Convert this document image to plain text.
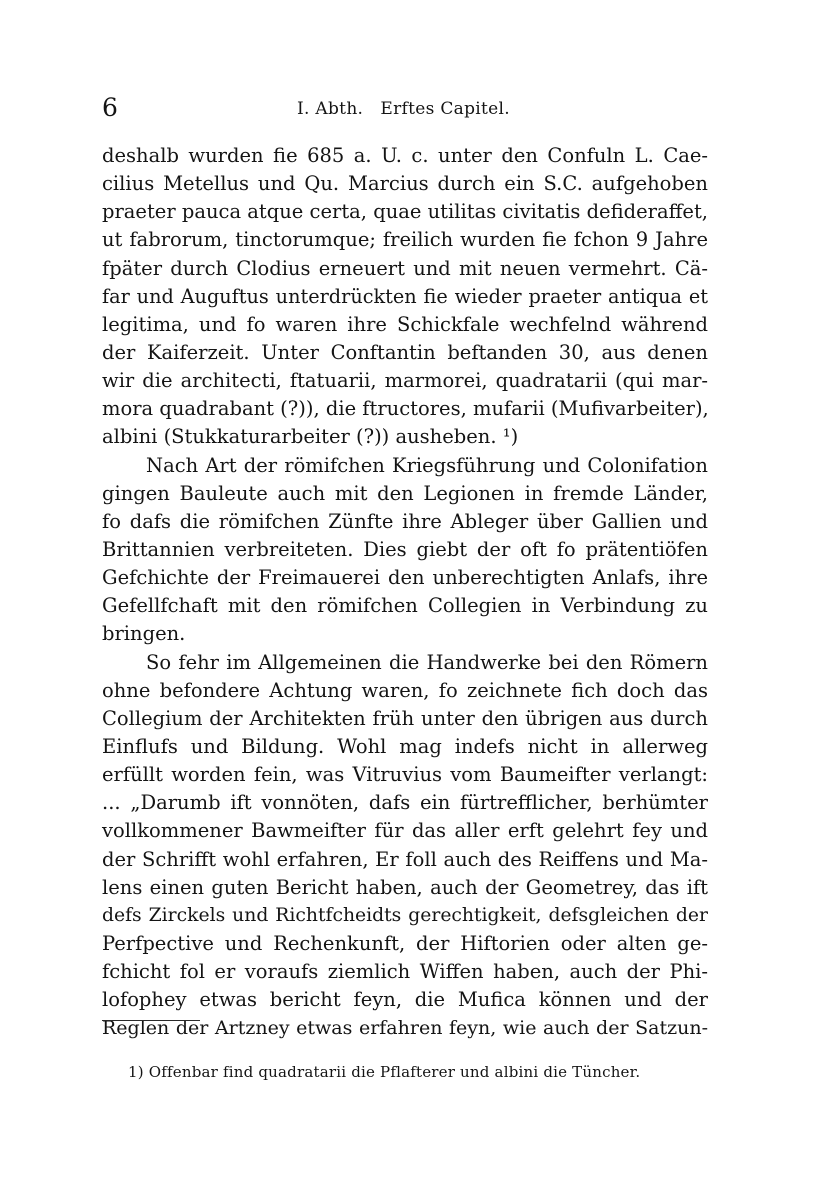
6	I. Abth.   Erftes Capitel.
deshalb wurden fie 685 a. U. c. unter den Confuln L. Cae-
cilius Metellus und Qu. Marcius durch ein S.C. aufgehoben
praeter pauca atque certa, quae utilitas civitatis defideraffet,
ut fabrorum, tinctorumque; freilich wurden fie fchon 9 Jahre
fpäter durch Clodius erneuert und mit neuen vermehrt. Cä-
far und Auguftus unterdrückten fie wieder praeter antiqua et
legitima, und fo waren ihre Schickfale wechfelnd während
der Kaiferzeit. Unter Conftantin beftanden 30, aus denen
wir die architecti, ftatuarii, marmorei, quadratarii (qui mar-
mora quadrabant (?)), die ftructores, mufarii (Mufivarbeiter),
albini (Stukkaturarbeiter (?)) ausheben. ¹)
Nach Art der römifchen Kriegsführung und Colonifation
gingen Bauleute auch mit den Legionen in fremde Länder,
fo dafs die römifchen Zünfte ihre Ableger über Gallien und
Brittannien verbreiteten. Dies giebt der oft fo prätentiöfen
Gefchichte der Freimauerei den unberechtigten Anlafs, ihre
Gefellfchaft mit den römifchen Collegien in Verbindung zu
bringen.
So fehr im Allgemeinen die Handwerke bei den Römern
ohne befondere Achtung waren, fo zeichnete fich doch das
Collegium der Architekten früh unter den übrigen aus durch
Einflufs und Bildung. Wohl mag indefs nicht in allerweg
erfüllt worden fein, was Vitruvius vom Baumeifter verlangt:
... „Darumb ift vonnöten, dafs ein fürtrefflicher, berhümter
vollkommener Bawmeifter für das aller erft gelehrt fey und
der Schrifft wohl erfahren, Er foll auch des Reiffens und Ma-
lens einen guten Bericht haben, auch der Geometrey, das ift
defs Zirckels und Richtfcheidts gerechtigkeit, defsgleichen der
Perfpective und Rechenkunft, der Hiftorien oder alten ge-
fchicht fol er voraufs ziemlich Wiffen haben, auch der Phi-
lofophey etwas bericht feyn, die Mufica können und der
Reglen der Artzney etwas erfahren feyn, wie auch der Satzun-
1) Offenbar find quadratarii die Pflafterer und albini die Tüncher.
